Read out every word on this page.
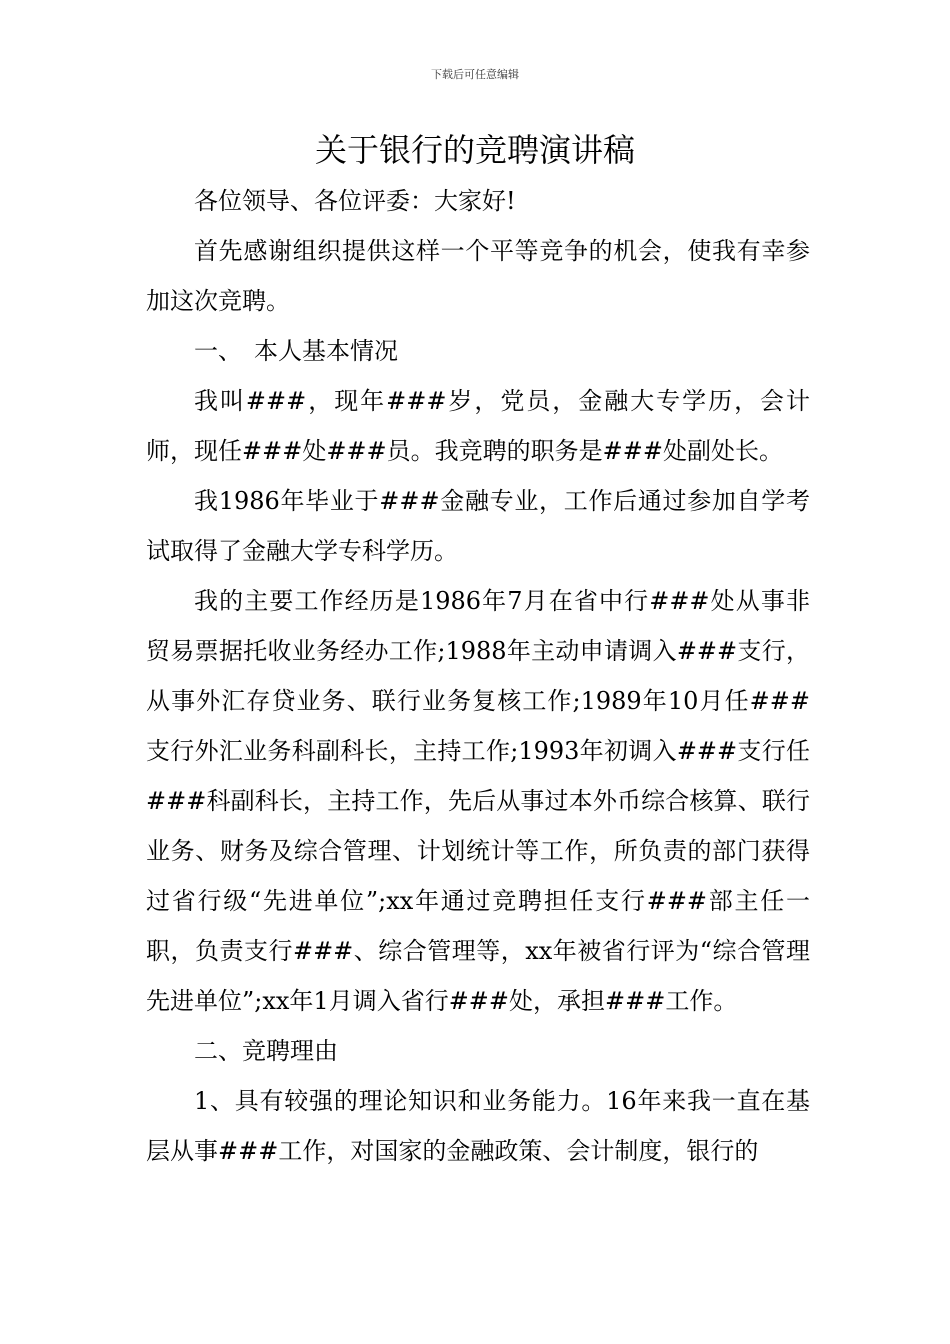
下载后可任意编辑
关于银行的竞聘演讲稿

各位领导、各位评委：大家好!

首先感谢组织提供这样一个平等竞争的机会，使我有幸参加这次竞聘。

一、　本人基本情况

我叫###，现年###岁，党员，金融大专学历，会计师，现任###处###员。我竞聘的职务是###处副处长。

我1986年毕业于###金融专业，工作后通过参加自学考试取得了金融大学专科学历。

我的主要工作经历是1986年7月在省中行###处从事非贸易票据托收业务经办工作;1988年主动申请调入###支行，从事外汇存贷业务、联行业务复核工作;1989年10月任###支行外汇业务科副科长，主持工作;1993年初调入###支行任###科副科长，主持工作，先后从事过本外币综合核算、联行业务、财务及综合管理、计划统计等工作，所负责的部门获得过省行级“先进单位”;xx年通过竞聘担任支行###部主任一职，负责支行###、综合管理等，xx年被省行评为“综合管理先进单位”;xx年1月调入省行###处，承担###工作。

二、竞聘理由

1、具有较强的理论知识和业务能力。16年来我一直在基层从事###工作，对国家的金融政策、会计制度，银行的
